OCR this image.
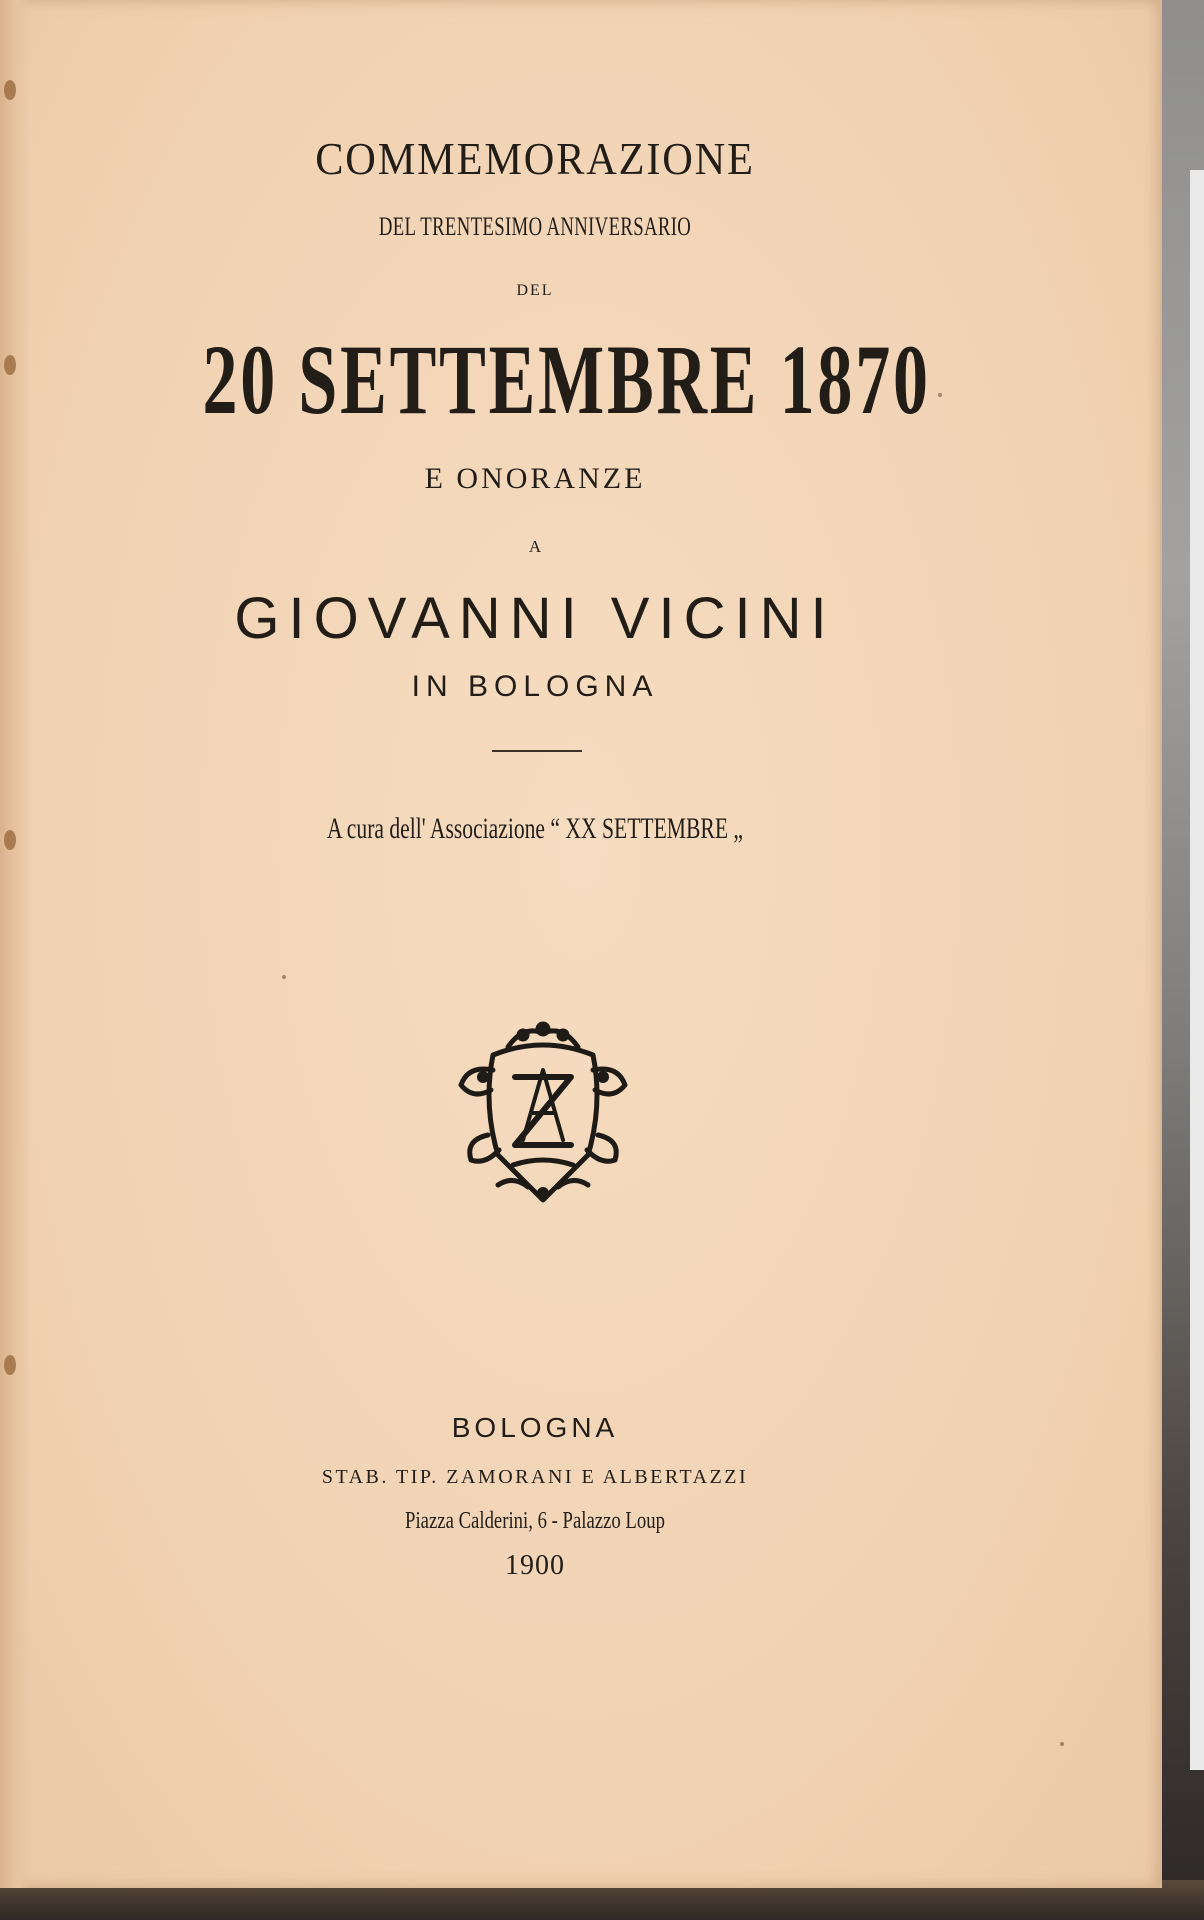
COMMEMORAZIONE
DEL TRENTESIMO ANNIVERSARIO
DEL
20 SETTEMBRE 1870
E ONORANZE
A
GIOVANNI VICINI
IN BOLOGNA
A cura dell' Associazione “ XX SETTEMBRE „
BOLOGNA
STAB. TIP. ZAMORANI E ALBERTAZZI
Piazza Calderini, 6 - Palazzo Loup
1900
